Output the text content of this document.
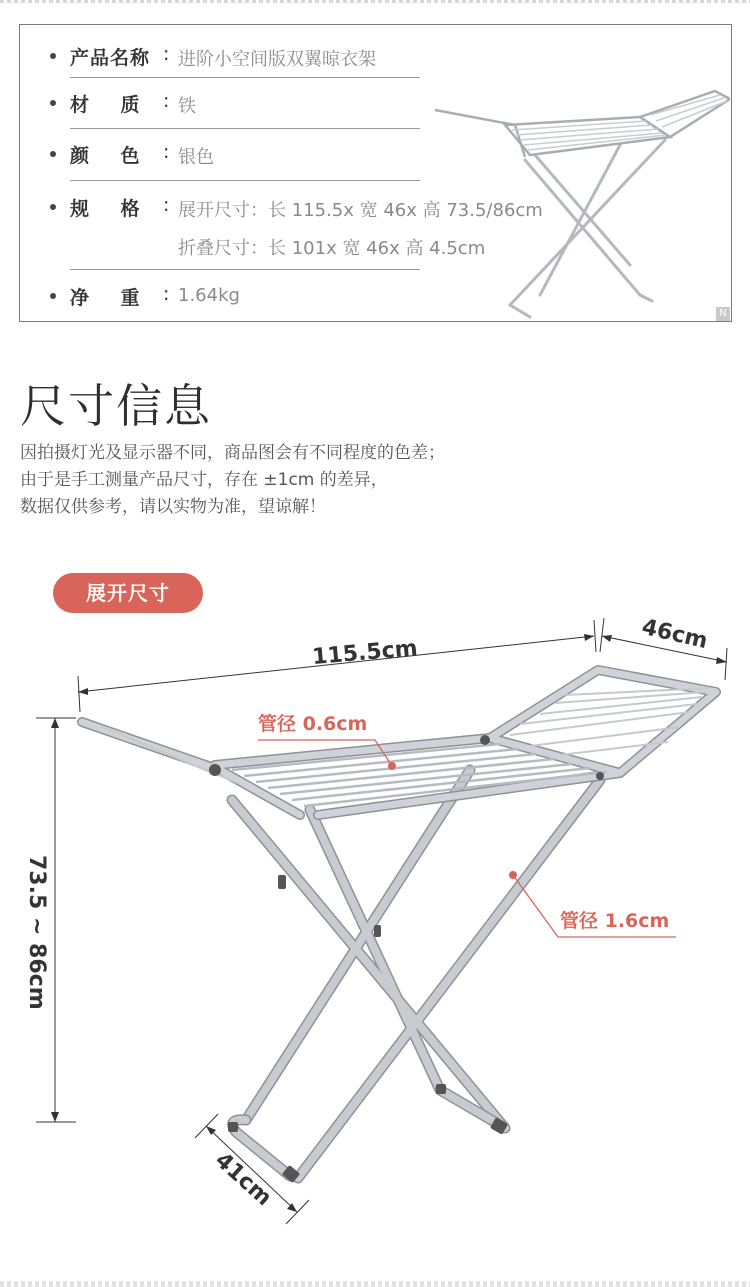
产品名称 : 进阶小空间版双翼晾衣架
材    质 : 铁
颜    色 : 银色
规    格 : 展开尺寸：长 115.5x 宽 46x 高 73.5/86cm
折叠尺寸：长 101x 宽 46x 高 4.5cm
净    重 : 1.64kg
N
尺寸信息
因拍摄灯光及显示器不同，商品图会有不同程度的色差；
由于是手工测量产品尺寸，存在 ±1cm 的差异，
数据仅供参考，请以实物为准，望谅解！
展开尺寸
115.5cm	46cm
73.5 ~ 86cm
41cm
管径 0.6cm
管径 1.6cm
